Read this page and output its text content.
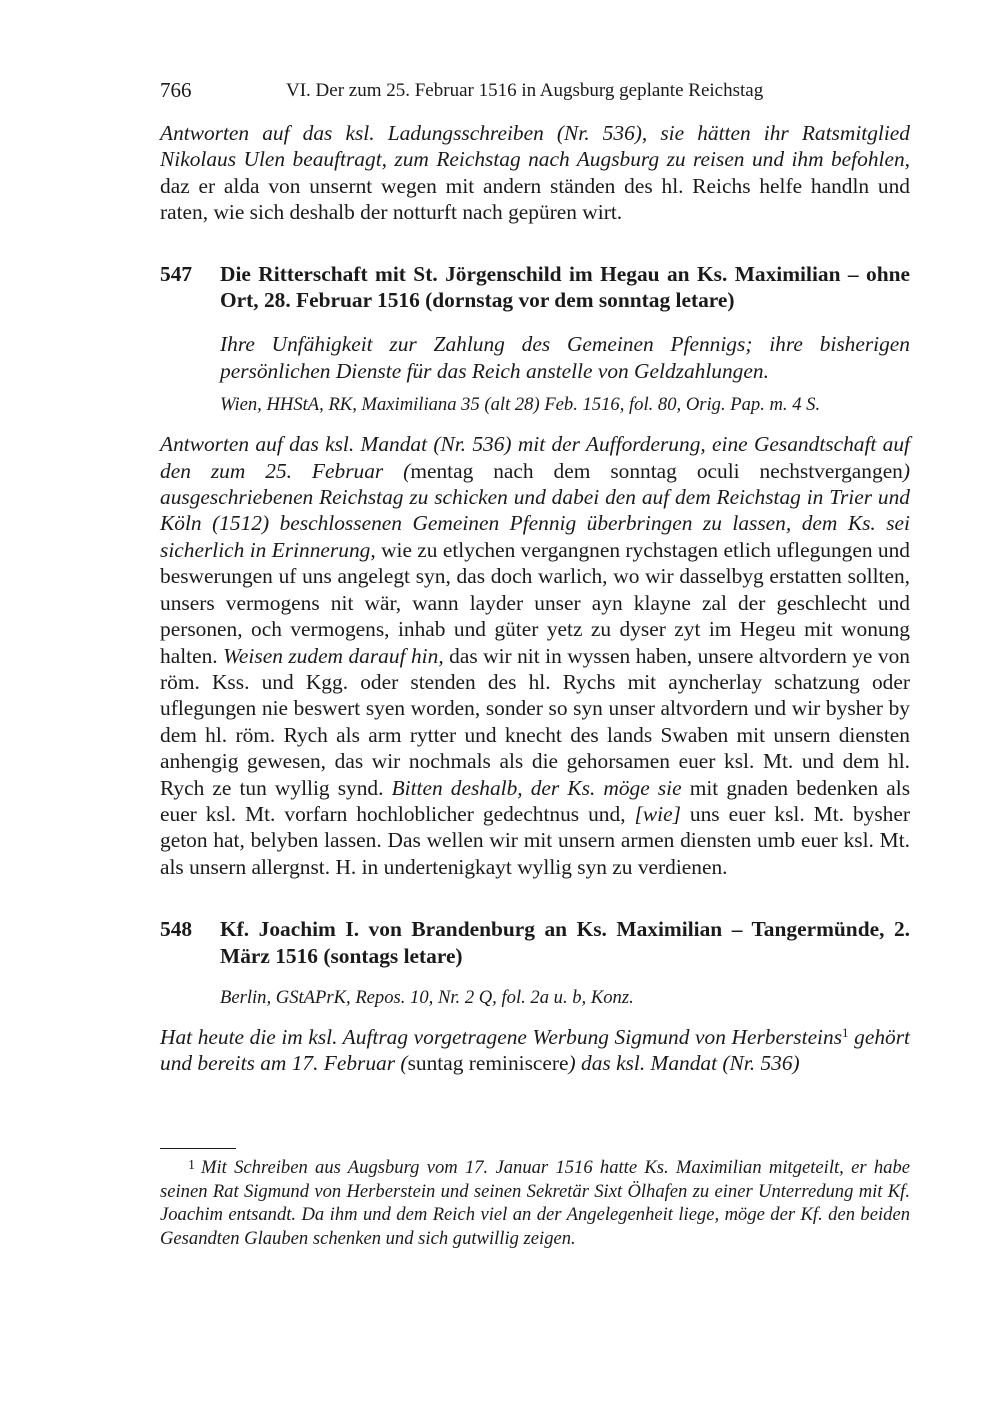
766	VI. Der zum 25. Februar 1516 in Augsburg geplante Reichstag

Antworten auf das ksl. Ladungsschreiben (Nr. 536), sie hätten ihr Ratsmitglied Nikolaus Ulen beauftragt, zum Reichstag nach Augsburg zu reisen und ihm befohlen, daz er alda von unsernt wegen mit andern ständen des hl. Reichs helfe handln und raten, wie sich deshalb der notturft nach gepüren wirt.

547	Die Ritterschaft mit St. Jörgenschild im Hegau an Ks. Maximilian – ohne Ort, 28. Februar 1516 (dornstag vor dem sonntag letare)
Ihre Unfähigkeit zur Zahlung des Gemeinen Pfennigs; ihre bisherigen persönlichen Dienste für das Reich anstelle von Geldzahlungen.
Wien, HHStA, RK, Maximiliana 35 (alt 28) Feb. 1516, fol. 80, Orig. Pap. m. 4 S.

Antworten auf das ksl. Mandat (Nr. 536) mit der Aufforderung, eine Gesandtschaft auf den zum 25. Februar (mentag nach dem sonntag oculi nechstvergangen) ausgeschriebenen Reichstag zu schicken und dabei den auf dem Reichstag in Trier und Köln (1512) beschlossenen Gemeinen Pfennig überbringen zu lassen, dem Ks. sei sicherlich in Erinnerung, wie zu etlychen vergangnen rychstagen etlich uflegungen und beswerungen uf uns angelegt syn, das doch warlich, wo wir dasselbyg erstatten sollten, unsers vermogens nit wär, wann layder unser ayn klayne zal der geschlecht und personen, och vermogens, inhab und güter yetz zu dyser zyt im Hegeu mit wonung halten. Weisen zudem darauf hin, das wir nit in wyssen haben, unsere altvordern ye von röm. Kss. und Kgg. oder stenden des hl. Rychs mit ayncherlay schatzung oder uflegungen nie beswert syen worden, sonder so syn unser altvordern und wir bysher by dem hl. röm. Rych als arm rytter und knecht des lands Swaben mit unsern diensten anhengig gewesen, das wir nochmals als die gehorsamen euer ksl. Mt. und dem hl. Rych ze tun wyllig synd. Bitten deshalb, der Ks. möge sie mit gnaden bedenken als euer ksl. Mt. vorfarn hochloblicher gedechtnus und, [wie] uns euer ksl. Mt. bysher geton hat, belyben lassen. Das wellen wir mit unsern armen diensten umb euer ksl. Mt. als unsern allergnst. H. in undertenigkayt wyllig syn zu verdienen.

548	Kf. Joachim I. von Brandenburg an Ks. Maximilian – Tangermünde, 2. März 1516 (sontags letare)
Berlin, GStAPrK, Repos. 10, Nr. 2 Q, fol. 2a u. b, Konz.

Hat heute die im ksl. Auftrag vorgetragene Werbung Sigmund von Herbersteins$^1$ gehört und bereits am 17. Februar (suntag reminiscere) das ksl. Mandat (Nr. 536)

$^1$ Mit Schreiben aus Augsburg vom 17. Januar 1516 hatte Ks. Maximilian mitgeteilt, er habe seinen Rat Sigmund von Herberstein und seinen Sekretär Sixt Ölhafen zu einer Unterredung mit Kf. Joachim entsandt. Da ihm und dem Reich viel an der Angelegenheit liege, möge der Kf. den beiden Gesandten Glauben schenken und sich gutwillig zeigen.
